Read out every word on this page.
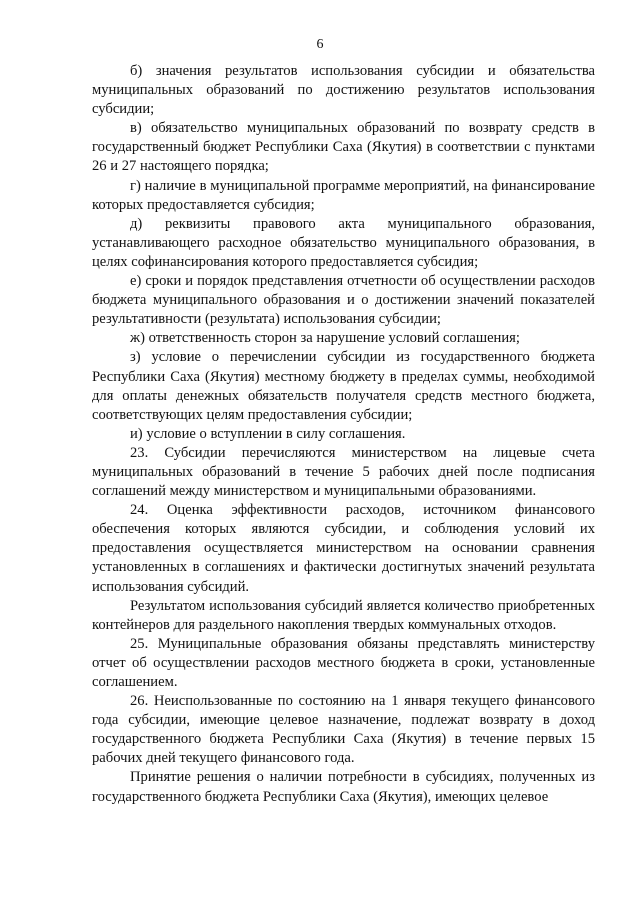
6

б) значения результатов использования субсидии и обязательства муниципальных образований по достижению результатов использования субсидии;

в) обязательство муниципальных образований по возврату средств в государственный бюджет Республики Саха (Якутия) в соответствии с пунктами 26 и 27 настоящего порядка;

г) наличие в муниципальной программе мероприятий, на финансирование которых предоставляется субсидия;

д) реквизиты правового акта муниципального образования, устанавливающего расходное обязательство муниципального образования, в целях софинансирования которого предоставляется субсидия;

е) сроки и порядок представления отчетности об осуществлении расходов бюджета муниципального образования и о достижении значений показателей результативности (результата) использования субсидии;

ж) ответственность сторон за нарушение условий соглашения;

з) условие о перечислении субсидии из государственного бюджета Республики Саха (Якутия) местному бюджету в пределах суммы, необходимой для оплаты денежных обязательств получателя средств местного бюджета, соответствующих целям предоставления субсидии;

и) условие о вступлении в силу соглашения.

23. Субсидии перечисляются министерством на лицевые счета муниципальных образований в течение 5 рабочих дней после подписания соглашений между министерством и муниципальными образованиями.

24. Оценка эффективности расходов, источником финансового обеспечения которых являются субсидии, и соблюдения условий их предоставления осуществляется министерством на основании сравнения установленных в соглашениях и фактически достигнутых значений результата использования субсидий.

Результатом использования субсидий является количество приобретенных контейнеров для раздельного накопления твердых коммунальных отходов.

25. Муниципальные образования обязаны представлять министерству отчет об осуществлении расходов местного бюджета в сроки, установленные соглашением.

26. Неиспользованные по состоянию на 1 января текущего финансового года субсидии, имеющие целевое назначение, подлежат возврату в доход государственного бюджета Республики Саха (Якутия) в течение первых 15 рабочих дней текущего финансового года.

Принятие решения о наличии потребности в субсидиях, полученных из государственного бюджета Республики Саха (Якутия), имеющих целевое
